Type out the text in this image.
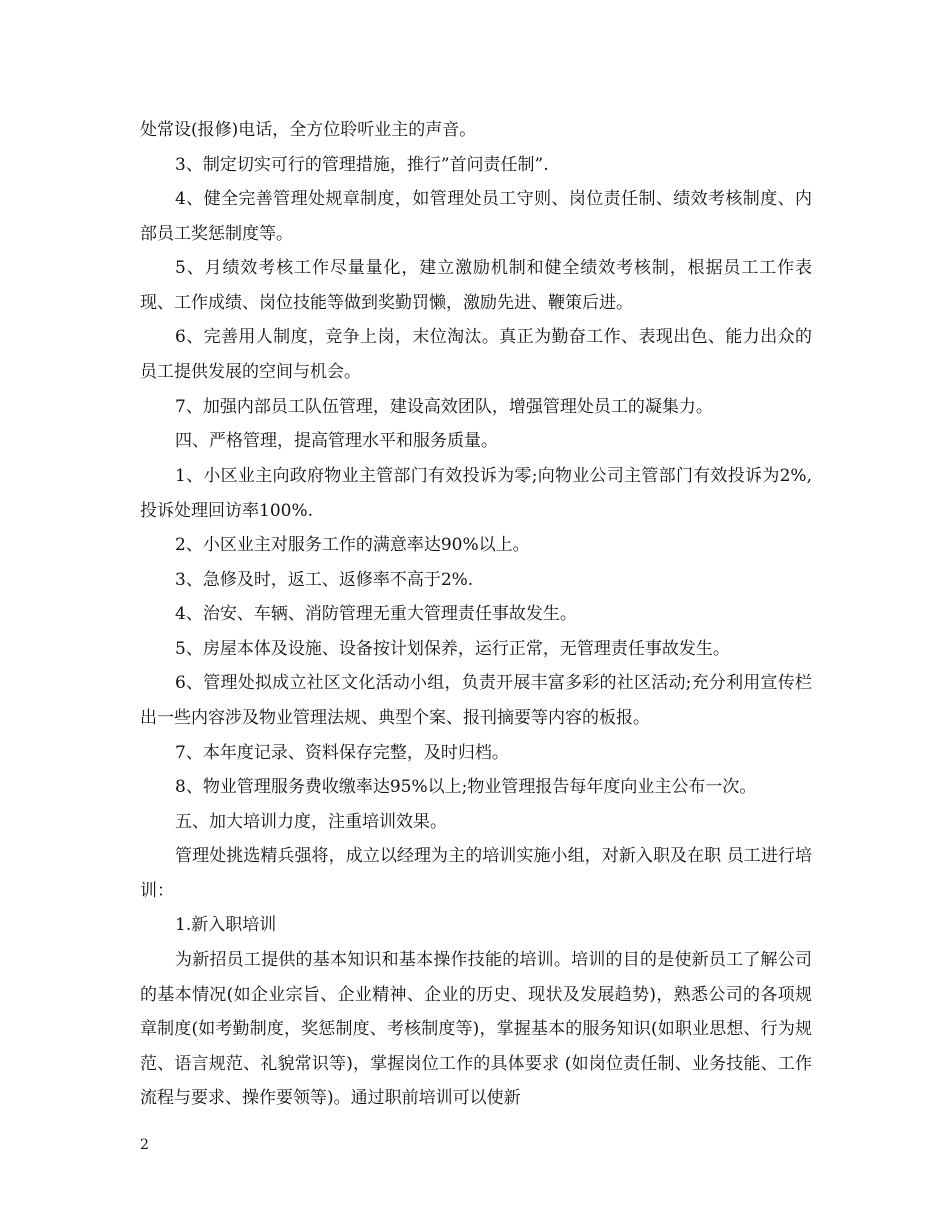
处常设(报修)电话，全方位聆听业主的声音。

3、制定切实可行的管理措施，推行”首问责任制”.

4、健全完善管理处规章制度，如管理处员工守则、岗位责任制、绩效考核制度、内部员工奖惩制度等。

5、月绩效考核工作尽量量化，建立激励机制和健全绩效考核制，根据员工工作表现、工作成绩、岗位技能等做到奖勤罚懒，激励先进、鞭策后进。

6、完善用人制度，竞争上岗，末位淘汰。真正为勤奋工作、表现出色、能力出众的员工提供发展的空间与机会。

7、加强内部员工队伍管理，建设高效团队，增强管理处员工的凝集力。

四、严格管理，提高管理水平和服务质量。

1、小区业主向政府物业主管部门有效投诉为零;向物业公司主管部门有效投诉为2%,投诉处理回访率100%.

2、小区业主对服务工作的满意率达90%以上。

3、急修及时，返工、返修率不高于2%.

4、治安、车辆、消防管理无重大管理责任事故发生。

5、房屋本体及设施、设备按计划保养，运行正常，无管理责任事故发生。

6、管理处拟成立社区文化活动小组，负责开展丰富多彩的社区活动;充分利用宣传栏出一些内容涉及物业管理法规、典型个案、报刊摘要等内容的板报。

7、本年度记录、资料保存完整，及时归档。

8、物业管理服务费收缴率达95%以上;物业管理报告每年度向业主公布一次。

五、加大培训力度，注重培训效果。

管理处挑选精兵强将，成立以经理为主的培训实施小组，对新入职及在职 员工进行培训：

1.新入职培训

为新招员工提供的基本知识和基本操作技能的培训。培训的目的是使新员工了解公司的基本情况(如企业宗旨、企业精神、企业的历史、现状及发展趋势)，熟悉公司的各项规章制度(如考勤制度，奖惩制度、考核制度等)，掌握基本的服务知识(如职业思想、行为规范、语言规范、礼貌常识等)，掌握岗位工作的具体要求 (如岗位责任制、业务技能、工作流程与要求、操作要领等)。通过职前培训可以使新

2
